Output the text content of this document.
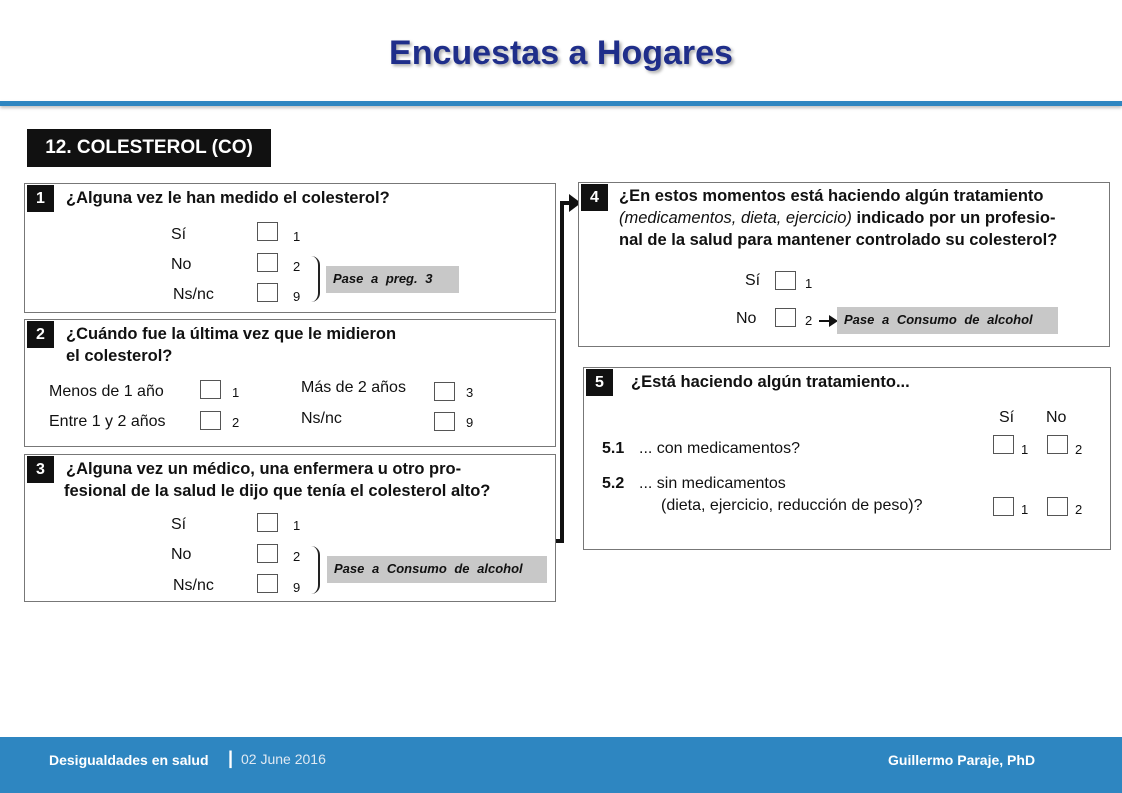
Encuestas a Hogares
12. COLESTEROL (CO)
1	¿Alguna vez le han medido el colesterol?
Sí	1
No	2
Ns/nc	9
Pase a preg. 3
2	¿Cuándo fue la última vez que le midieron
el colesterol?
Menos de 1 año	1
Entre 1 y 2 años	2
Más de 2 años	3
Ns/nc	9
3	¿Alguna vez un médico, una enfermera u otro pro-
fesional de la salud le dijo que tenía el colesterol alto?
Sí	1
No	2
Ns/nc	9
Pase a Consumo de alcohol
4	¿En estos momentos está haciendo algún tratamiento
(medicamentos, dieta, ejercicio) indicado por un profesio-
nal de la salud para mantener controlado su colesterol?
Sí	1
No	2	Pase a Consumo de alcohol
5	¿Está haciendo algún tratamiento...
Sí No
5.1 ... con medicamentos?	1	2
5.2 ... sin medicamentos
(dieta, ejercicio, reducción de peso)?	1	2
Desigualdades en salud | 02 June 2016	Guillermo Paraje, PhD
